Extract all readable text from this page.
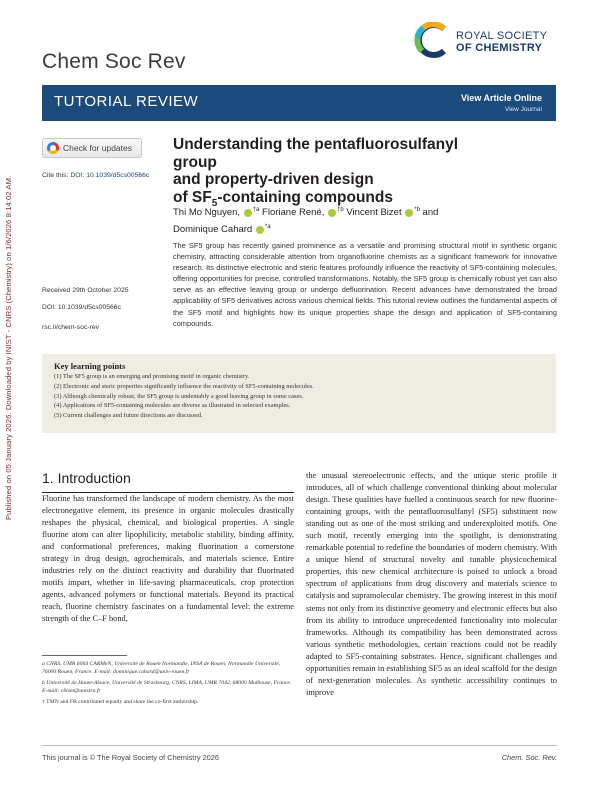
Published on 05 January 2026. Downloaded by INIST - CNRS (Chemistry) on 1/6/2026 8:14:02 AM.
Chem Soc Rev
ROYAL SOCIETY
OF CHEMISTRY
TUTORIAL REVIEW	View Article Online
View Journal
Check for updates
Cite this: DOI: 10.1039/d5cs00566c
Received 29th October 2025
DOI: 10.1039/d5cs00566c
rsc.li/chem-soc-rev
Understanding the pentafluorosulfanyl group
and property-driven design
of $SF_5$-containing compounds
Thi Mo Nguyen, $^{\dagger a}$ Floriane René, $^{\dagger b}$ Vincent Bizet $^{*b}$ and
Dominique Cahard $^{*a}$
The SF5 group has recently gained prominence as a versatile and promising structural motif in synthetic organic chemistry, attracting considerable attention from organofluorine chemists as a significant framework for innovative research. Its distinctive electronic and steric features profoundly influence the reactivity of SF5-containing molecules, offering opportunities for precise, controlled transformations. Notably, the SF5 group is chemically robust yet can also serve as an effective leaving group or undergo defluorination. Recent advances have demonstrated the broad applicability of SF5 derivatives across various chemical fields. This tutorial review outlines the fundamental aspects of the SF5 motif and highlights how its unique properties shape the design and application of SF5-containing compounds.
Key learning points
(1) The SF5 group is an emerging and promising motif in organic chemistry.
(2) Electronic and steric properties significantly influence the reactivity of SF5-containing molecules.
(3) Although chemically robust, the SF5 group is undeniably a good leaving group in some cases.
(4) Applications of SF5-containing molecules are diverse as illustrated in selected examples.
(5) Current challenges and future directions are discussed.
1. Introduction
Fluorine has transformed the landscape of modern chemistry. As the most electronegative element, its presence in organic molecules drastically reshapes the physical, chemical, and biological properties. A single fluorine atom can alter lipophilicity, metabolic stability, binding affinity, and conformational preferences, making fluorination a cornerstone strategy in drug design, agrochemicals, and materials science. Entire industries rely on the distinct reactivity and durability that fluorinated motifs impart, whether in life-saving pharmaceuticals, crop protection agents, advanced polymers or functional materials. Beyond its practical reach, fluorine chemistry fascinates on a fundamental level: the extreme strength of the C–F bond,
the unusual stereoelectronic effects, and the unique steric profile it introduces, all of which challenge conventional thinking about molecular design. These qualities have fuelled a continuous search for new fluorine-containing groups, with the pentafluorosulfanyl (SF5) substituent now standing out as one of the most striking and underexploited motifs. One such motif, recently emerging into the spotlight, is demonstrating remarkable potential to redefine the boundaries of modern chemistry. With a unique blend of structural novelty and tunable physicochemical properties, this new chemical architecture is poised to unlock a broad spectrum of applications from drug discovery and materials science to catalysis and supramolecular chemistry. The growing interest in this motif stems not only from its distinctive geometry and electronic effects but also from its ability to introduce unprecedented functionality into molecular frameworks. Although its compatibility has been demonstrated across various synthetic methodologies, certain reactions could not be readily adapted to SF5-containing substrates. Hence, significant challenges and opportunities remain in establishing SF5 as an ideal scaffold for the design of next-generation molecules. As synthetic accessibility continues to improve
a CNRS, UMR 6064 CARMeN, Université de Rouen Normandie, INSA de Rouen, Normandie Université, 76000 Rouen, France. E-mail: dominique.cahard@univ-rouen.fr
b Université de Haute-Alsace, Université de Strasbourg, CNRS, LIMA, UMR 7042, 68000 Mulhouse, France. E-mail: vbizet@unistra.fr
† TMN and FR contributed equally and share the co-first authorship.
This journal is © The Royal Society of Chemistry 2026	Chem. Soc. Rev.
